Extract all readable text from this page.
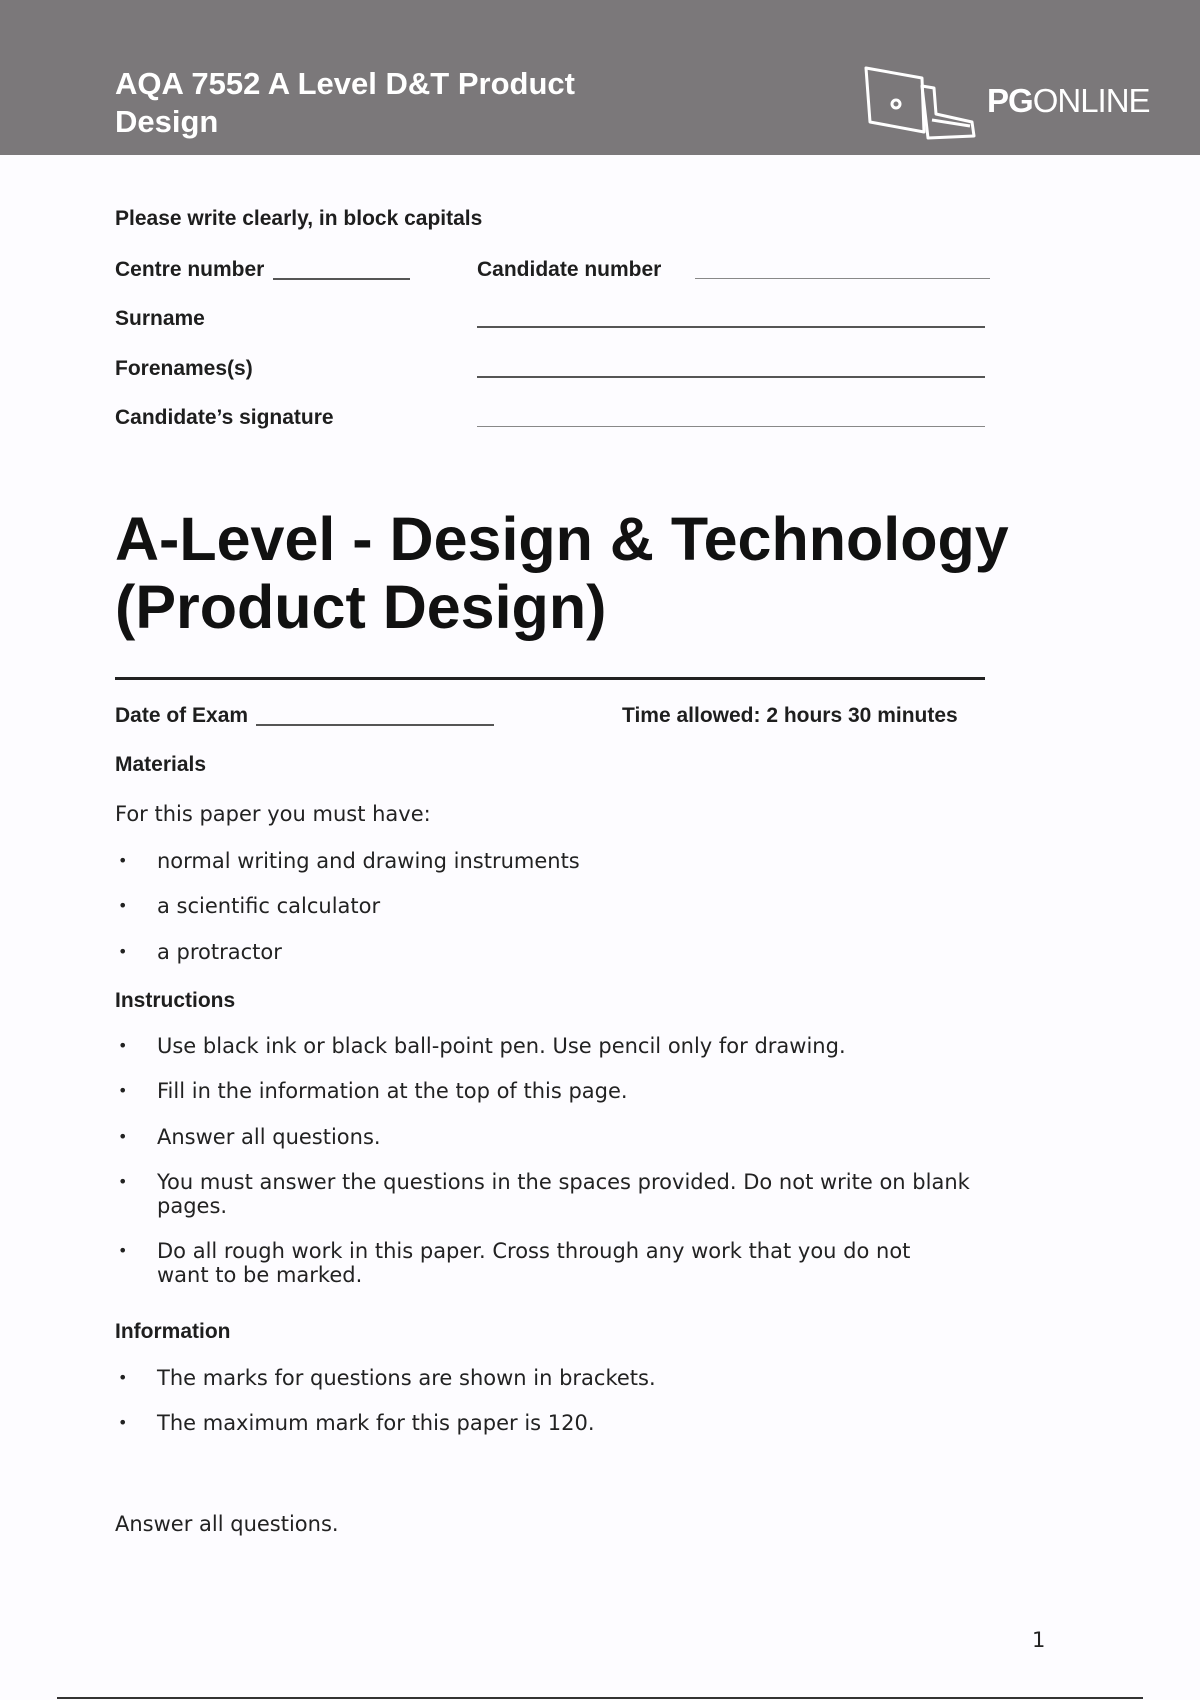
AQA 7552 A Level D&T Product Design
PGONLINE
Please write clearly, in block capitals
Centre number	Candidate number
Surname
Forenames(s)
Candidate’s signature
A-Level - Design & Technology (Product Design)
Date of Exam	Time allowed: 2 hours 30 minutes
Materials
For this paper you must have:
• normal writing and drawing instruments
• a scientific calculator
• a protractor
Instructions
• Use black ink or black ball-point pen. Use pencil only for drawing.
• Fill in the information at the top of this page.
• Answer all questions.
• You must answer the questions in the spaces provided. Do not write on blank pages.
• Do all rough work in this paper. Cross through any work that you do not want to be marked.
Information
• The marks for questions are shown in brackets.
• The maximum mark for this paper is 120.
Answer all questions.
1
